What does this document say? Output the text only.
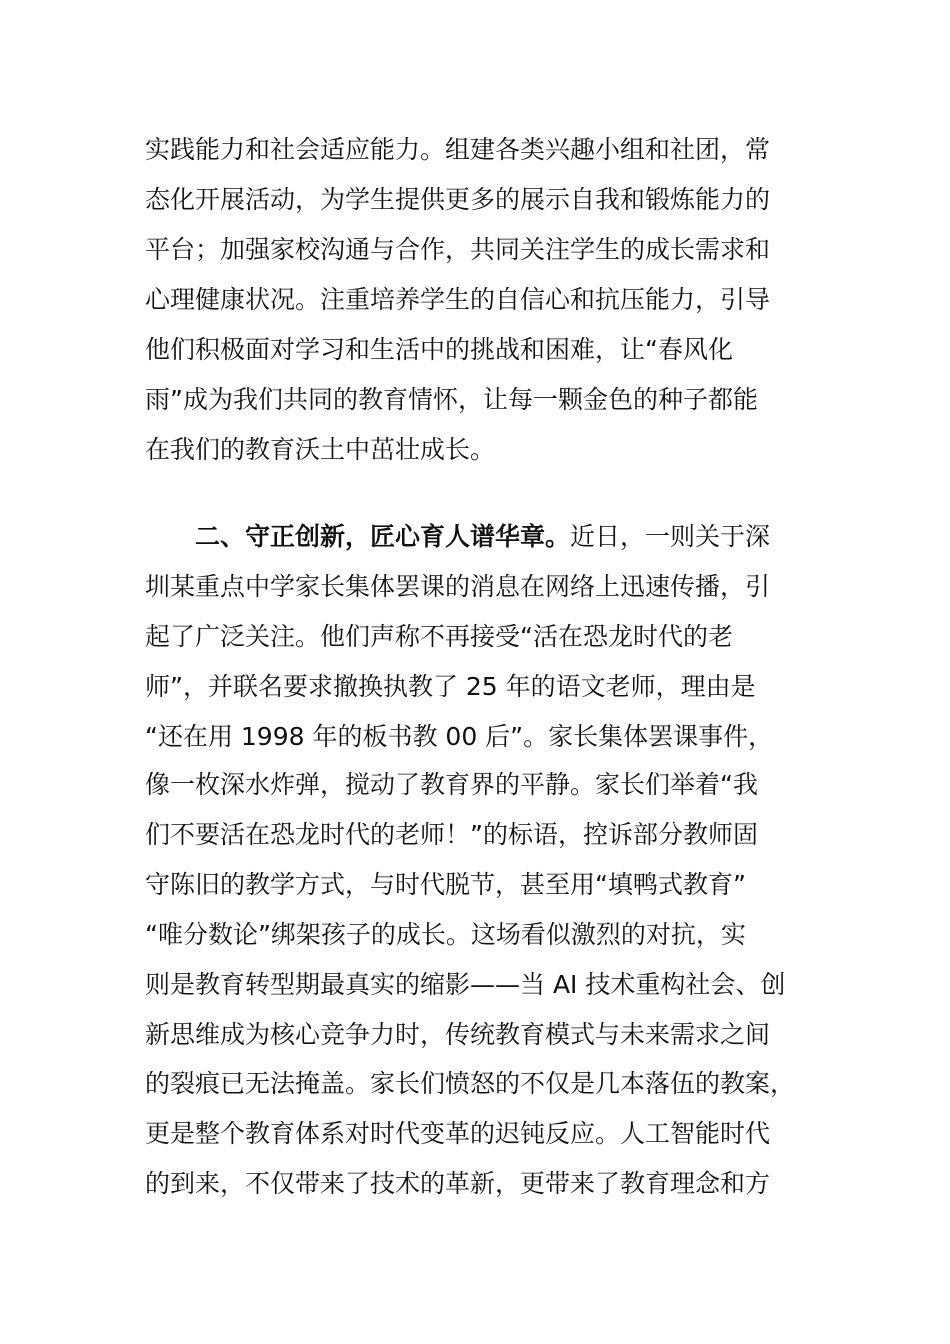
实践能力和社会适应能力。组建各类兴趣小组和社团，常
态化开展活动，为学生提供更多的展示自我和锻炼能力的
平台；加强家校沟通与合作，共同关注学生的成长需求和
心理健康状况。注重培养学生的自信心和抗压能力，引导
他们积极面对学习和生活中的挑战和困难，让“春风化
雨”成为我们共同的教育情怀，让每一颗金色的种子都能
在我们的教育沃土中茁壮成长。
二、守正创新，匠心育人谱华章。近日，一则关于深
圳某重点中学家长集体罢课的消息在网络上迅速传播，引
起了广泛关注。他们声称不再接受“活在恐龙时代的老
师”，并联名要求撤换执教了 25 年的语文老师，理由是
“还在用 1998 年的板书教 00 后”。家长集体罢课事件，
像一枚深水炸弹，搅动了教育界的平静。家长们举着“我
们不要活在恐龙时代的老师！”的标语，控诉部分教师固
守陈旧的教学方式，与时代脱节，甚至用“填鸭式教育”
“唯分数论”绑架孩子的成长。这场看似激烈的对抗，实
则是教育转型期最真实的缩影——当 AI 技术重构社会、创
新思维成为核心竞争力时，传统教育模式与未来需求之间
的裂痕已无法掩盖。家长们愤怒的不仅是几本落伍的教案，
更是整个教育体系对时代变革的迟钝反应。人工智能时代
的到来，不仅带来了技术的革新，更带来了教育理念和方
